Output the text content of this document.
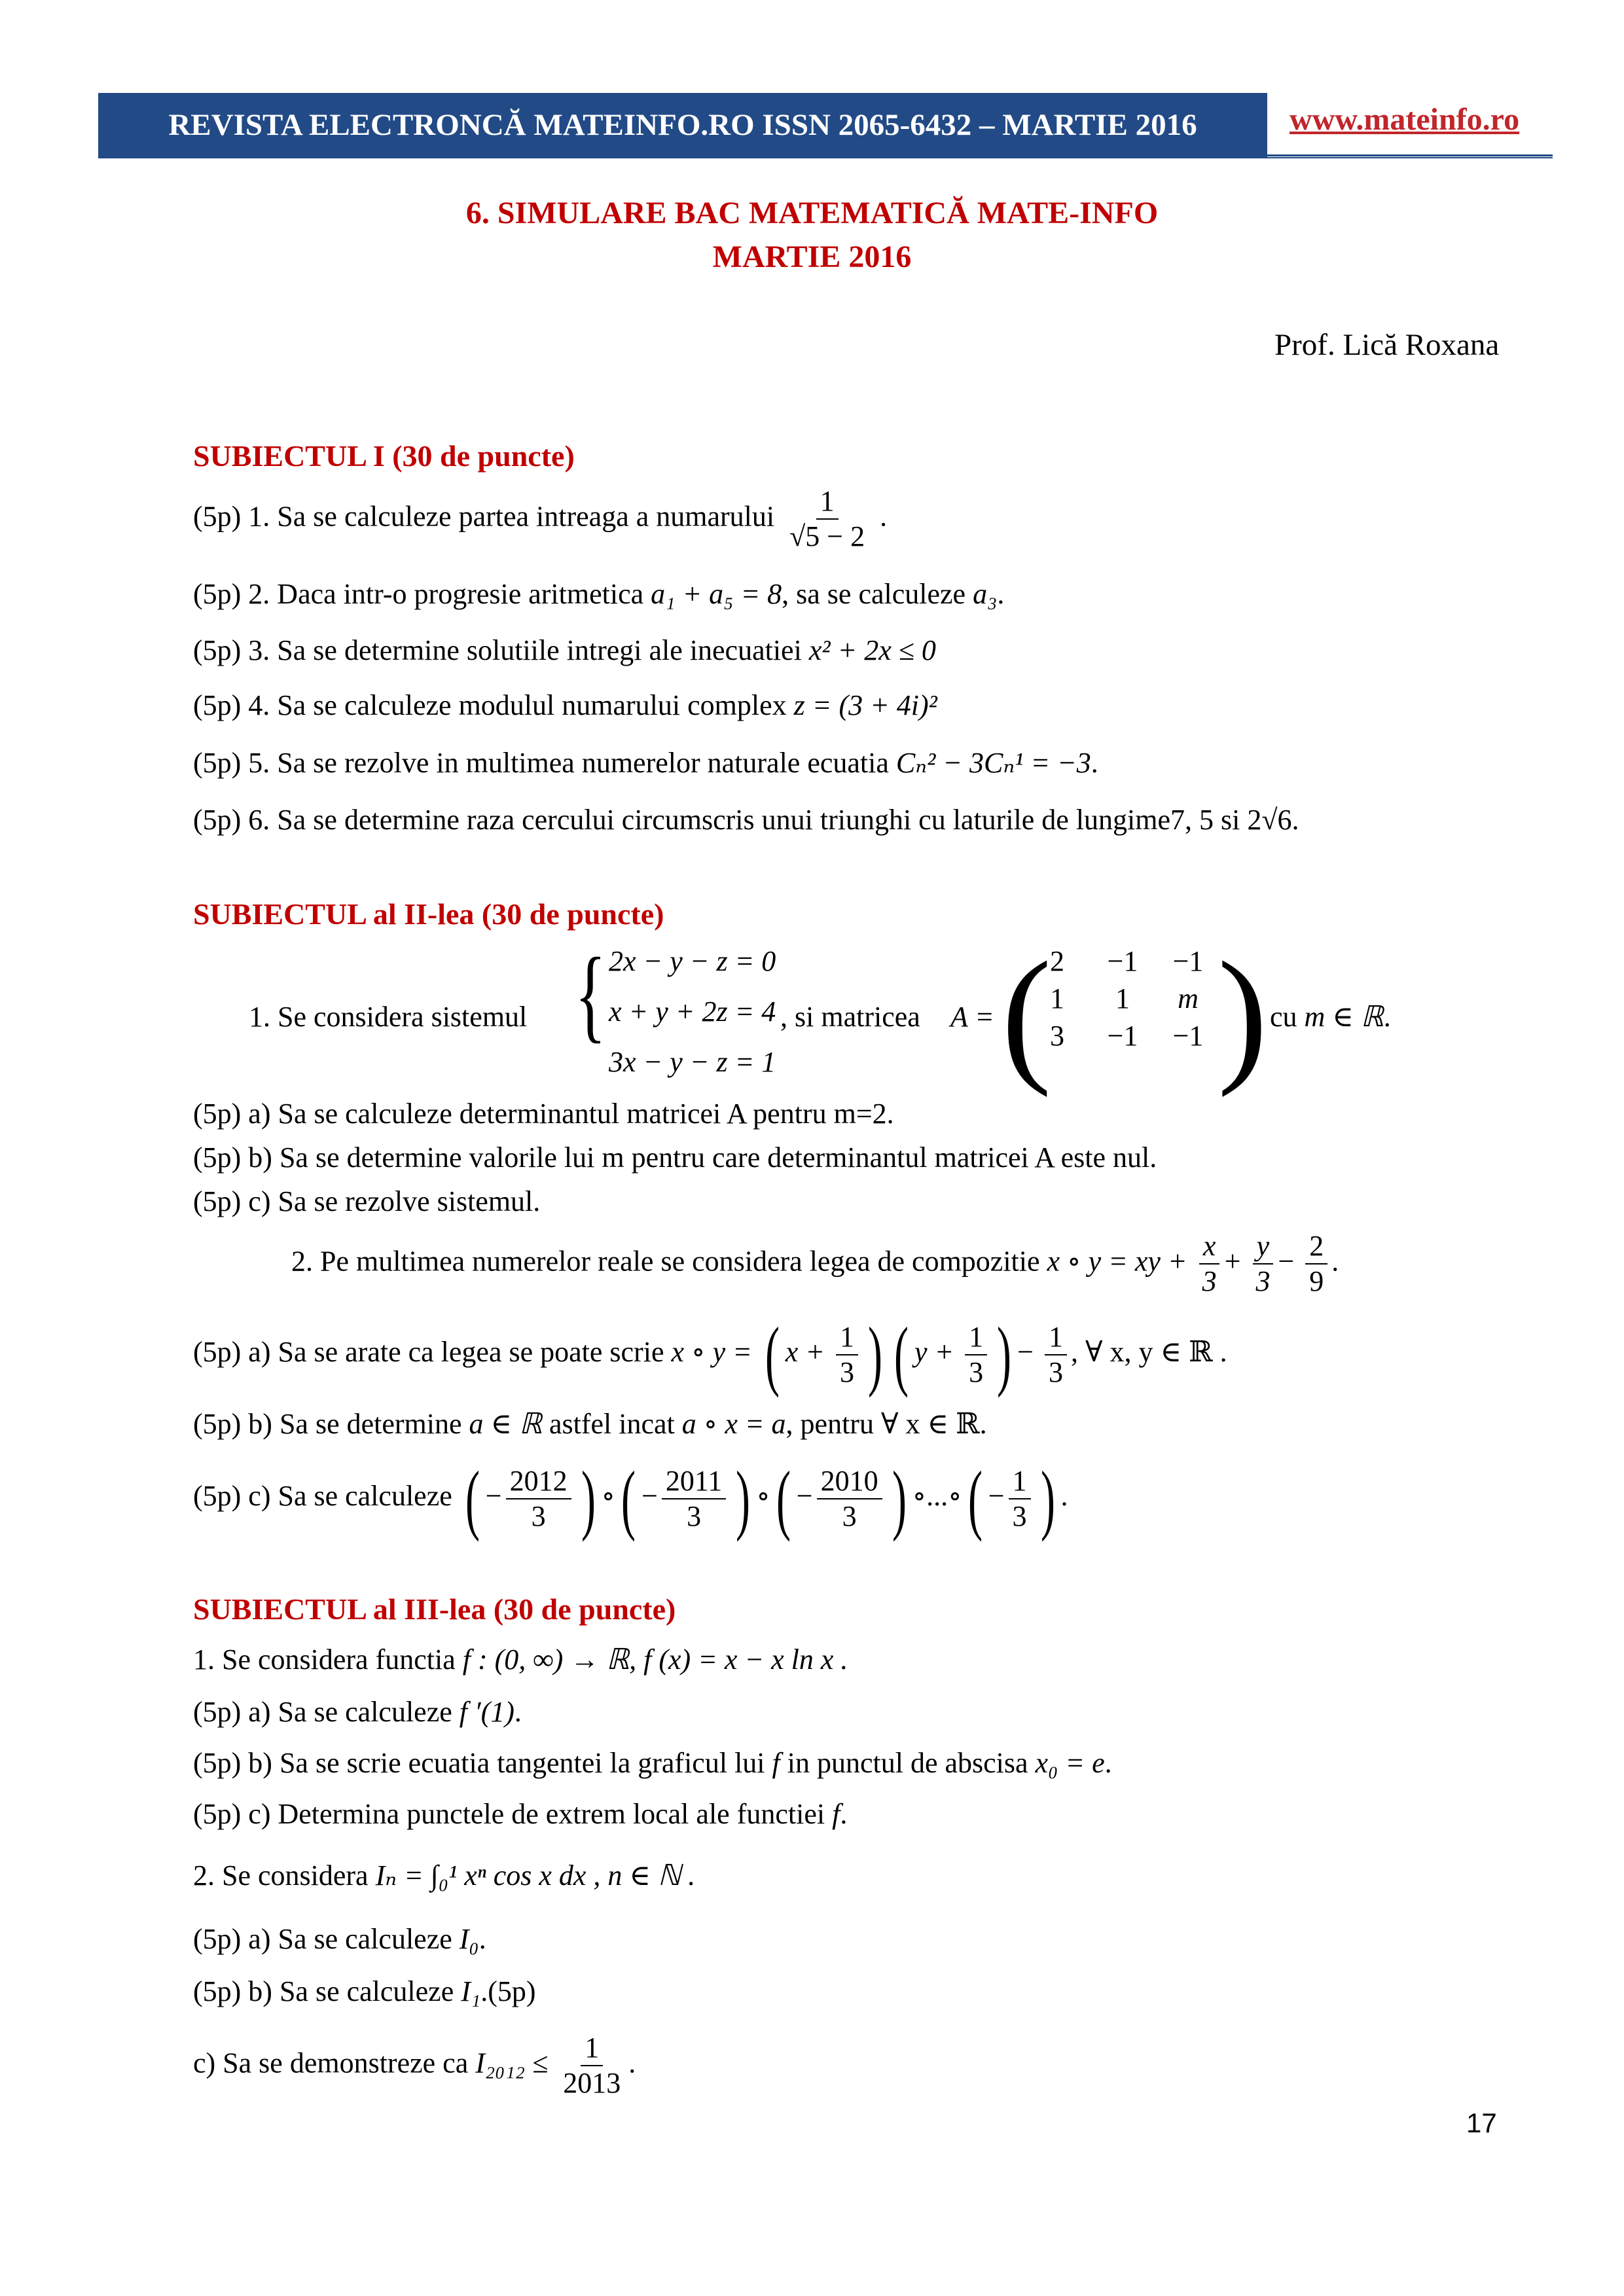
REVISTA ELECTRONCĂ MATEINFO.RO ISSN 2065-6432 – MARTIE 2016	www.mateinfo.ro
6. SIMULARE BAC MATEMATICĂ MATE-INFO
MARTIE 2016
Prof. Lică Roxana
SUBIECTUL I (30 de puncte)
(5p) 1. Sa se calculeze partea intreaga a numarului $\frac{1}{√5 - 2}$ .
(5p) 2. Daca intr-o progresie aritmetica a₁ + a₅ = 8, sa se calculeze a₃.
(5p) 3. Sa se determine solutiile intregi ale inecuatiei x² + 2x ≤ 0
(5p) 4. Sa se calculeze modulul numarului complex z = (3 + 4i)²
(5p) 5. Sa se rezolve in multimea numerelor naturale ecuatia Cₙ² − 3Cₙ¹ = −3.
(5p) 6. Sa se determine raza cercului circumscris unui triunghi cu laturile de lungime7, 5 si 2√6.
SUBIECTUL al II-lea (30 de puncte)
1. Se considera sistemul { 2x − y − z = 0
x + y + 2z = 4
3x − y − z = 1
, si matricea A = (
2	−1	−1
1	1	m
3	−1	−1 ) cu m ∈ ℝ.
(5p) a) Sa se calculeze determinantul matricei A pentru m=2.
(5p) b) Sa se determine valorile lui m pentru care determinantul matricei A este nul.
(5p) c) Sa se rezolve sistemul.
2. Pe multimea numerelor reale se considera legea de compozitie x ∘ y = xy + $\frac{x}{3} + \frac{y}{3} - \frac{2}{9}$ .
(5p) a) Sa se arate ca legea se poate scrie x ∘ y = ( $x + \frac{1}{3}$ ) ( $y + \frac{1}{3}$ ) − $\frac{1}{3}$ , ∀ x, y ∈ ℝ .
(5p) b) Sa se determine a ∈ ℝ astfel incat a ∘ x = a, pentru ∀ x ∈ ℝ.
(5p) c) Sa se calculeze ( − $\frac{2012}{3}$ ) ∘( − $\frac{2011}{3}$ ) ∘( − $\frac{2010}{3}$ ) ∘...∘( − $\frac{1}{3}$ ) .
SUBIECTUL al III-lea (30 de puncte)
1. Se considera functia f : (0, ∞) → ℝ, f (x) = x − x ln x .
(5p) a) Sa se calculeze f ′(1).
(5p) b) Sa se scrie ecuatia tangentei la graficul lui f in punctul de abscisa x₀ = e.
(5p) c) Determina punctele de extrem local ale functiei f.
2. Se considera Iₙ = ∫₀¹ xⁿ cos x dx , n ∈ ℕ .
(5p) a) Sa se calculeze I₀.
(5p) b) Sa se calculeze I₁.(5p)
c) Sa se demonstreze ca $I_{2012} \le \frac{1}{2013}$ .
17
